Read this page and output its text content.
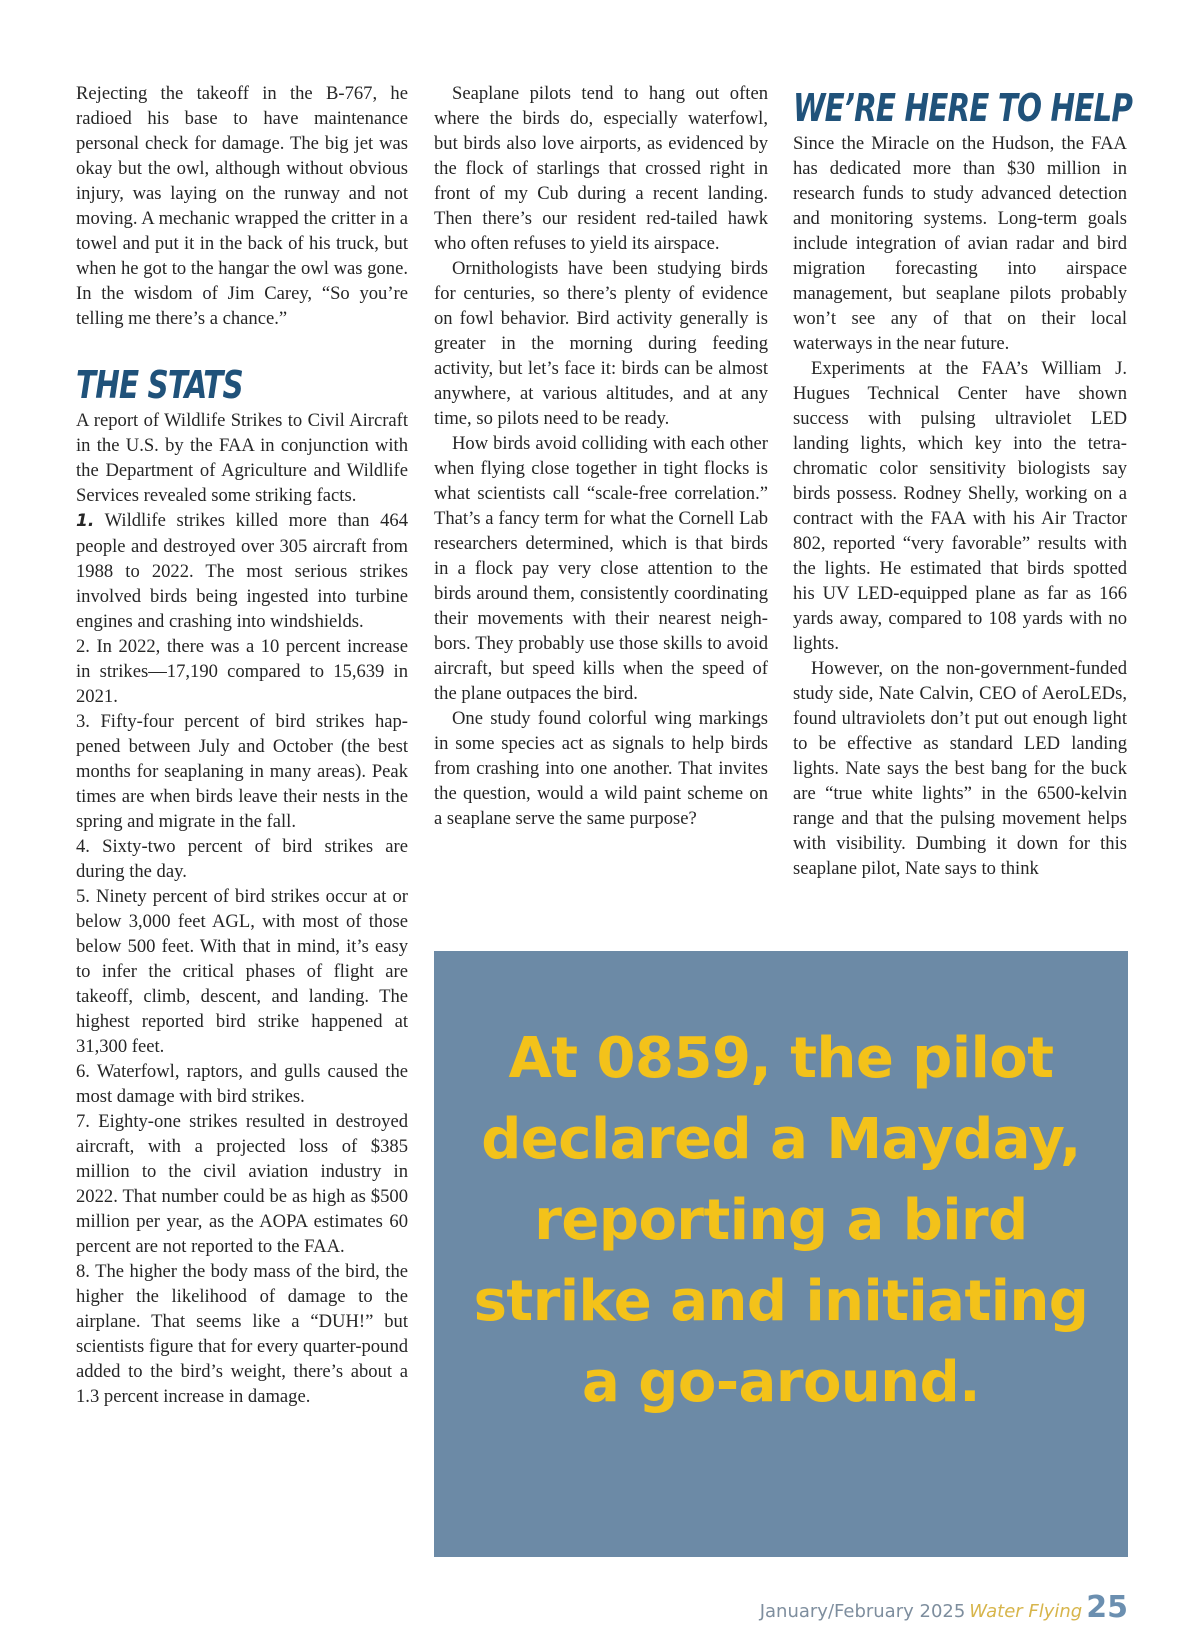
Rejecting the takeoff in the B-767, he radioed his base to have maintenance personal check for damage. The big jet was okay but the owl, although without obvious injury, was laying on the runway and not moving. A mechanic wrapped the critter in a towel and put it in the back of his truck, but when he got to the hangar the owl was gone. In the wisdom of Jim Carey, “So you’re telling me there’s a chance.”

THE STATS

A report of Wildlife Strikes to Civil Aircraft in the U.S. by the FAA in conjunction with the Department of Agriculture and Wildlife Services revealed some striking facts.

1. Wildlife strikes killed more than 464 people and destroyed over 305 aircraft from 1988 to 2022. The most serious strikes involved birds being ingested into turbine engines and crashing into windshields.

2. In 2022, there was a 10 percent increase in strikes—17,190 compared to 15,639 in 2021.

3. Fifty-four percent of bird strikes happened between July and October (the best months for seaplaning in many areas). Peak times are when birds leave their nests in the spring and migrate in the fall.

4. Sixty-two percent of bird strikes are during the day.

5. Ninety percent of bird strikes occur at or below 3,000 feet AGL, with most of those below 500 feet. With that in mind, it’s easy to infer the critical phases of flight are takeoff, climb, descent, and landing. The highest reported bird strike happened at 31,300 feet.

6. Waterfowl, raptors, and gulls caused the most damage with bird strikes.

7. Eighty-one strikes resulted in destroyed aircraft, with a projected loss of $385 million to the civil aviation industry in 2022. That number could be as high as $500 million per year, as the AOPA estimates 60 percent are not reported to the FAA.

8. The higher the body mass of the bird, the higher the likelihood of damage to the airplane. That seems like a “DUH!” but scientists figure that for every quarter-pound added to the bird’s weight, there’s about a 1.3 percent increase in damage.

Seaplane pilots tend to hang out often where the birds do, especially waterfowl, but birds also love airports, as evidenced by the flock of starlings that crossed right in front of my Cub during a recent landing. Then there’s our resident red-tailed hawk who often refuses to yield its airspace.

Ornithologists have been studying birds for centuries, so there’s plenty of evidence on fowl behavior. Bird activity generally is greater in the morning during feeding activity, but let’s face it: birds can be almost anywhere, at various altitudes, and at any time, so pilots need to be ready.

How birds avoid colliding with each other when flying close together in tight flocks is what scientists call “scale-free correlation.” That’s a fancy term for what the Cornell Lab researchers determined, which is that birds in a flock pay very close attention to the birds around them, consistently coordinating their movements with their nearest neighbors. They probably use those skills to avoid aircraft, but speed kills when the speed of the plane outpaces the bird.

One study found colorful wing markings in some species act as signals to help birds from crashing into one another. That invites the question, would a wild paint scheme on a seaplane serve the same purpose?

WE’RE HERE TO HELP

Since the Miracle on the Hudson, the FAA has dedicated more than $30 million in research funds to study advanced detection and monitoring systems. Long-term goals include integration of avian radar and bird migration forecasting into airspace management, but seaplane pilots probably won’t see any of that on their local waterways in the near future.

Experiments at the FAA’s William J. Hugues Technical Center have shown success with pulsing ultraviolet LED landing lights, which key into the tetrachromatic color sensitivity biologists say birds possess. Rodney Shelly, working on a contract with the FAA with his Air Tractor 802, reported “very favorable” results with the lights. He estimated that birds spotted his UV LED-equipped plane as far as 166 yards away, compared to 108 yards with no lights.

However, on the non-government-funded study side, Nate Calvin, CEO of AeroLEDs, found ultraviolets don’t put out enough light to be effective as standard LED landing lights. Nate says the best bang for the buck are “true white lights” in the 6500-kelvin range and that the pulsing movement helps with visibility. Dumbing it down for this seaplane pilot, Nate says to think

At 0859, the pilot declared a Mayday, reporting a bird strike and initiating a go-around.
January/February 2025 Water Flying 25
